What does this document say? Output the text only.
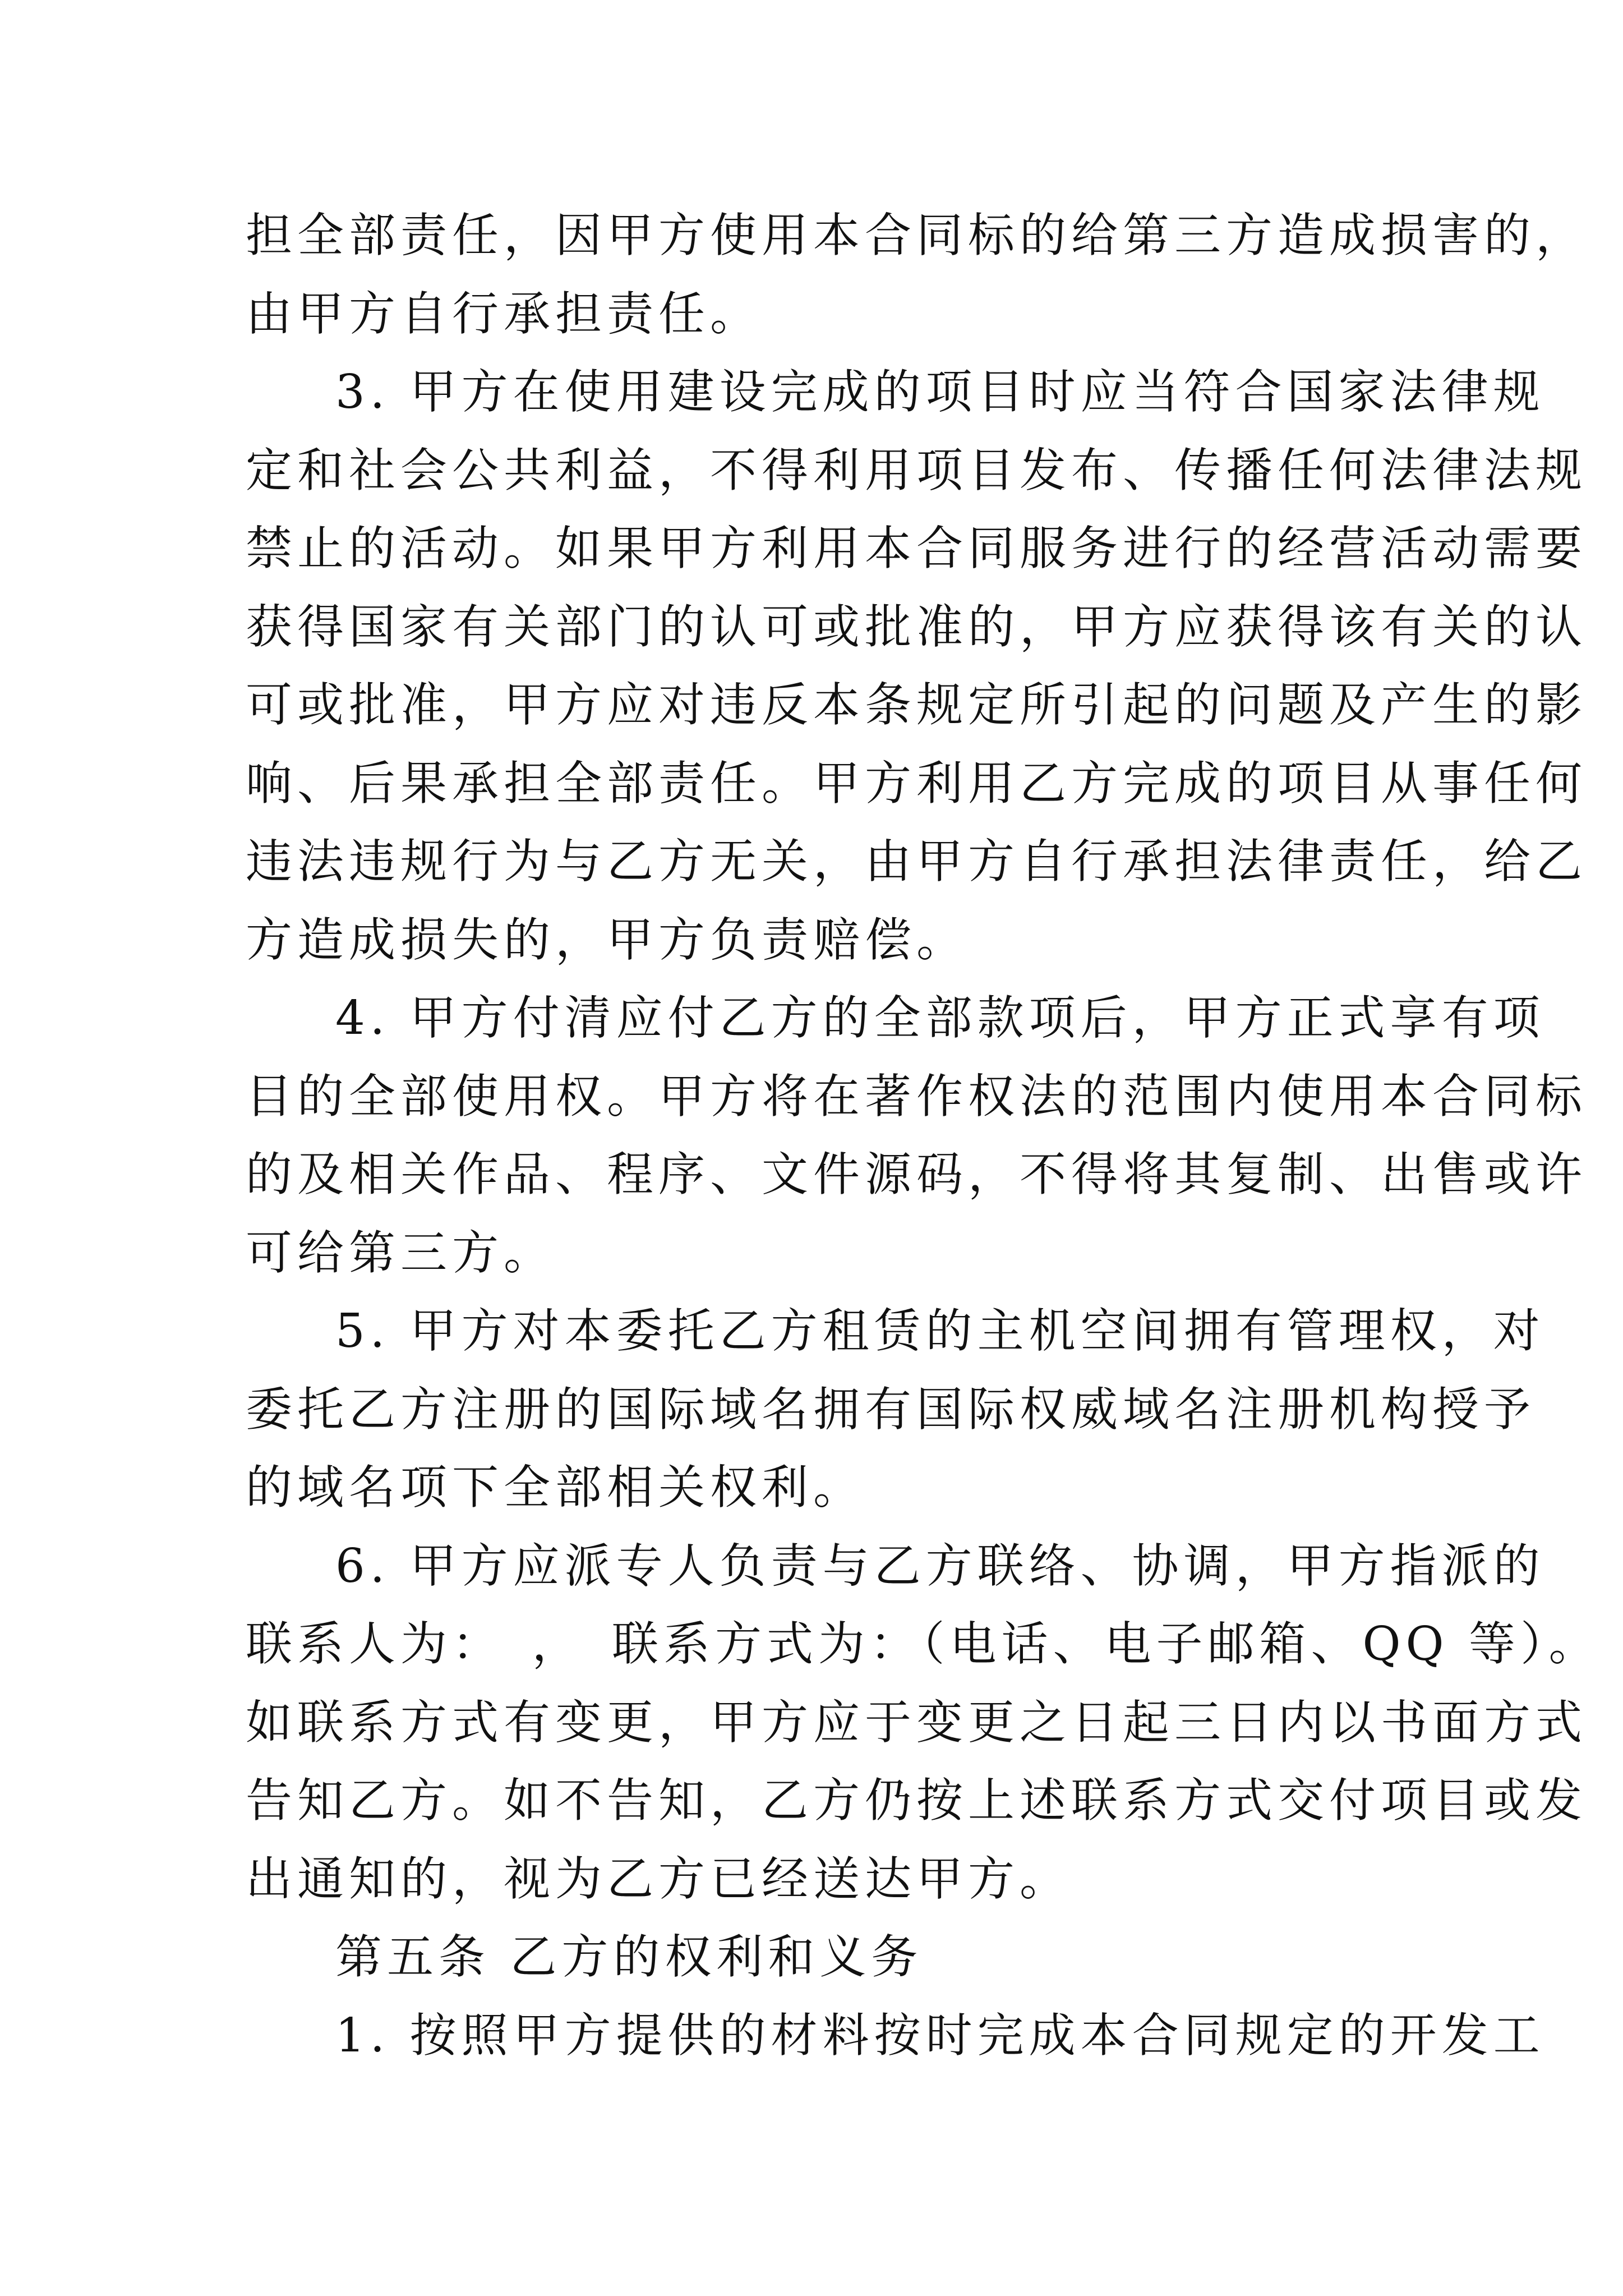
担全部责任，因甲方使用本合同标的给第三方造成损害的，
由甲方自行承担责任。
3. 甲方在使用建设完成的项目时应当符合国家法律规
定和社会公共利益，不得利用项目发布、传播任何法律法规
禁止的活动。如果甲方利用本合同服务进行的经营活动需要
获得国家有关部门的认可或批准的，甲方应获得该有关的认
可或批准，甲方应对违反本条规定所引起的问题及产生的影
响、后果承担全部责任。甲方利用乙方完成的项目从事任何
违法违规行为与乙方无关，由甲方自行承担法律责任，给乙
方造成损失的，甲方负责赔偿。
4. 甲方付清应付乙方的全部款项后，甲方正式享有项
目的全部使用权。甲方将在著作权法的范围内使用本合同标
的及相关作品、程序、文件源码，不得将其复制、出售或许
可给第三方。
5. 甲方对本委托乙方租赁的主机空间拥有管理权，对
委托乙方注册的国际域名拥有国际权威域名注册机构授予
的域名项下全部相关权利。
6. 甲方应派专人负责与乙方联络、协调，甲方指派的
联系人为：　，　联系方式为：（电话、电子邮箱、QQ 等）。
如联系方式有变更，甲方应于变更之日起三日内以书面方式
告知乙方。如不告知，乙方仍按上述联系方式交付项目或发
出通知的，视为乙方已经送达甲方。
第五条 乙方的权利和义务
1. 按照甲方提供的材料按时完成本合同规定的开发工
